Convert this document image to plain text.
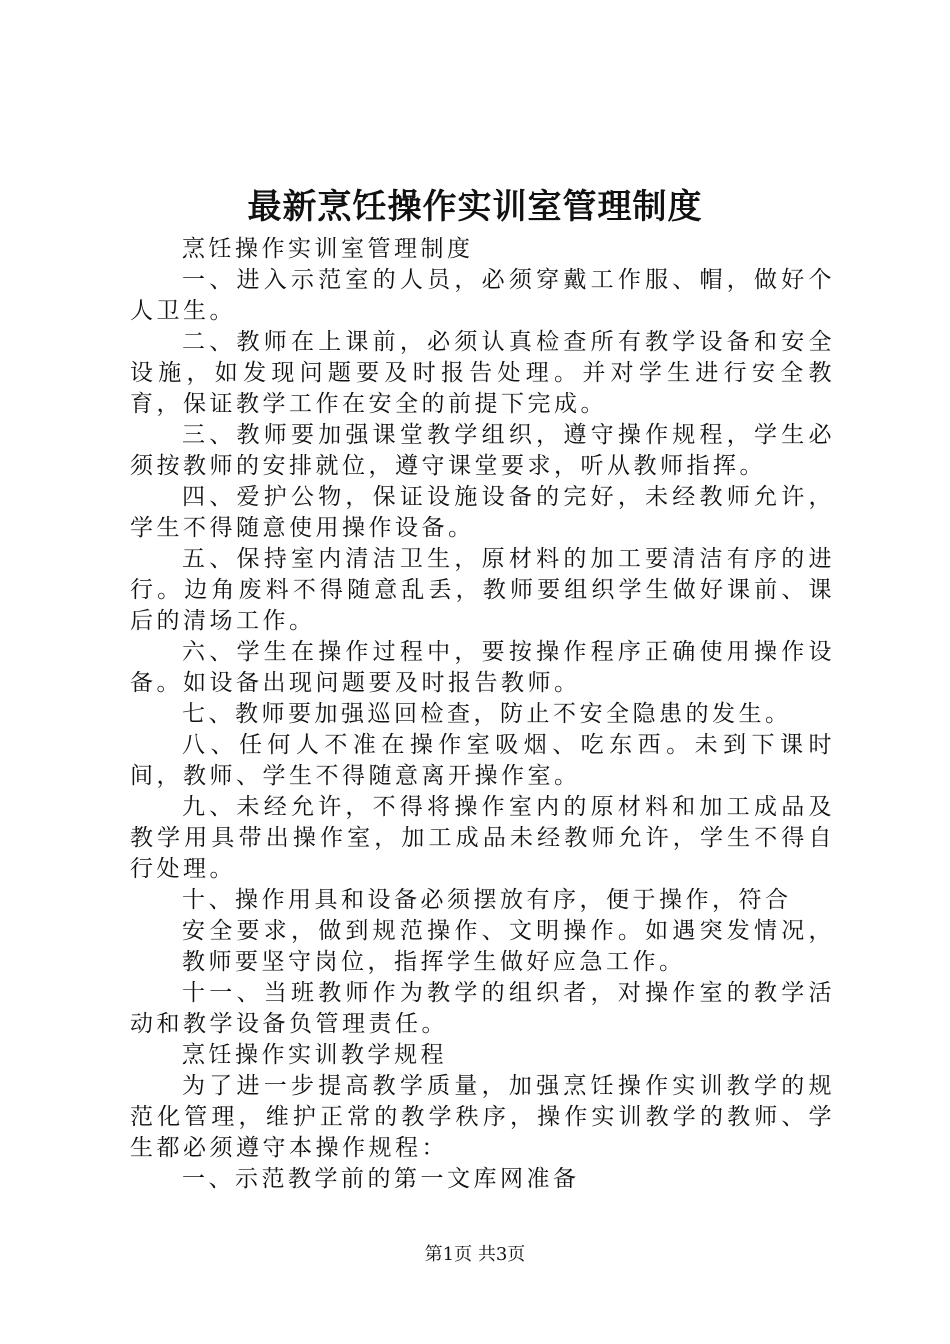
最新烹饪操作实训室管理制度

烹饪操作实训室管理制度

一、进入示范室的人员，必须穿戴工作服、帽，做好个人卫生。

二、教师在上课前，必须认真检查所有教学设备和安全设施，如发现问题要及时报告处理。并对学生进行安全教育，保证教学工作在安全的前提下完成。

三、教师要加强课堂教学组织，遵守操作规程，学生必须按教师的安排就位，遵守课堂要求，听从教师指挥。

四、爱护公物，保证设施设备的完好，未经教师允许，学生不得随意使用操作设备。

五、保持室内清洁卫生，原材料的加工要清洁有序的进行。边角废料不得随意乱丢，教师要组织学生做好课前、课后的清场工作。

六、学生在操作过程中，要按操作程序正确使用操作设备。如设备出现问题要及时报告教师。

七、教师要加强巡回检查，防止不安全隐患的发生。

八、任何人不准在操作室吸烟、吃东西。未到下课时间，教师、学生不得随意离开操作室。

九、未经允许，不得将操作室内的原材料和加工成品及教学用具带出操作室，加工成品未经教师允许，学生不得自行处理。

十、操作用具和设备必须摆放有序，便于操作，符合

安全要求，做到规范操作、文明操作。如遇突发情况，教师要坚守岗位，指挥学生做好应急工作。

十一、当班教师作为教学的组织者，对操作室的教学活动和教学设备负管理责任。

烹饪操作实训教学规程

为了进一步提高教学质量，加强烹饪操作实训教学的规范化管理，维护正常的教学秩序，操作实训教学的教师、学生都必须遵守本操作规程：

一、示范教学前的第一文库网准备

第1页 共3页
